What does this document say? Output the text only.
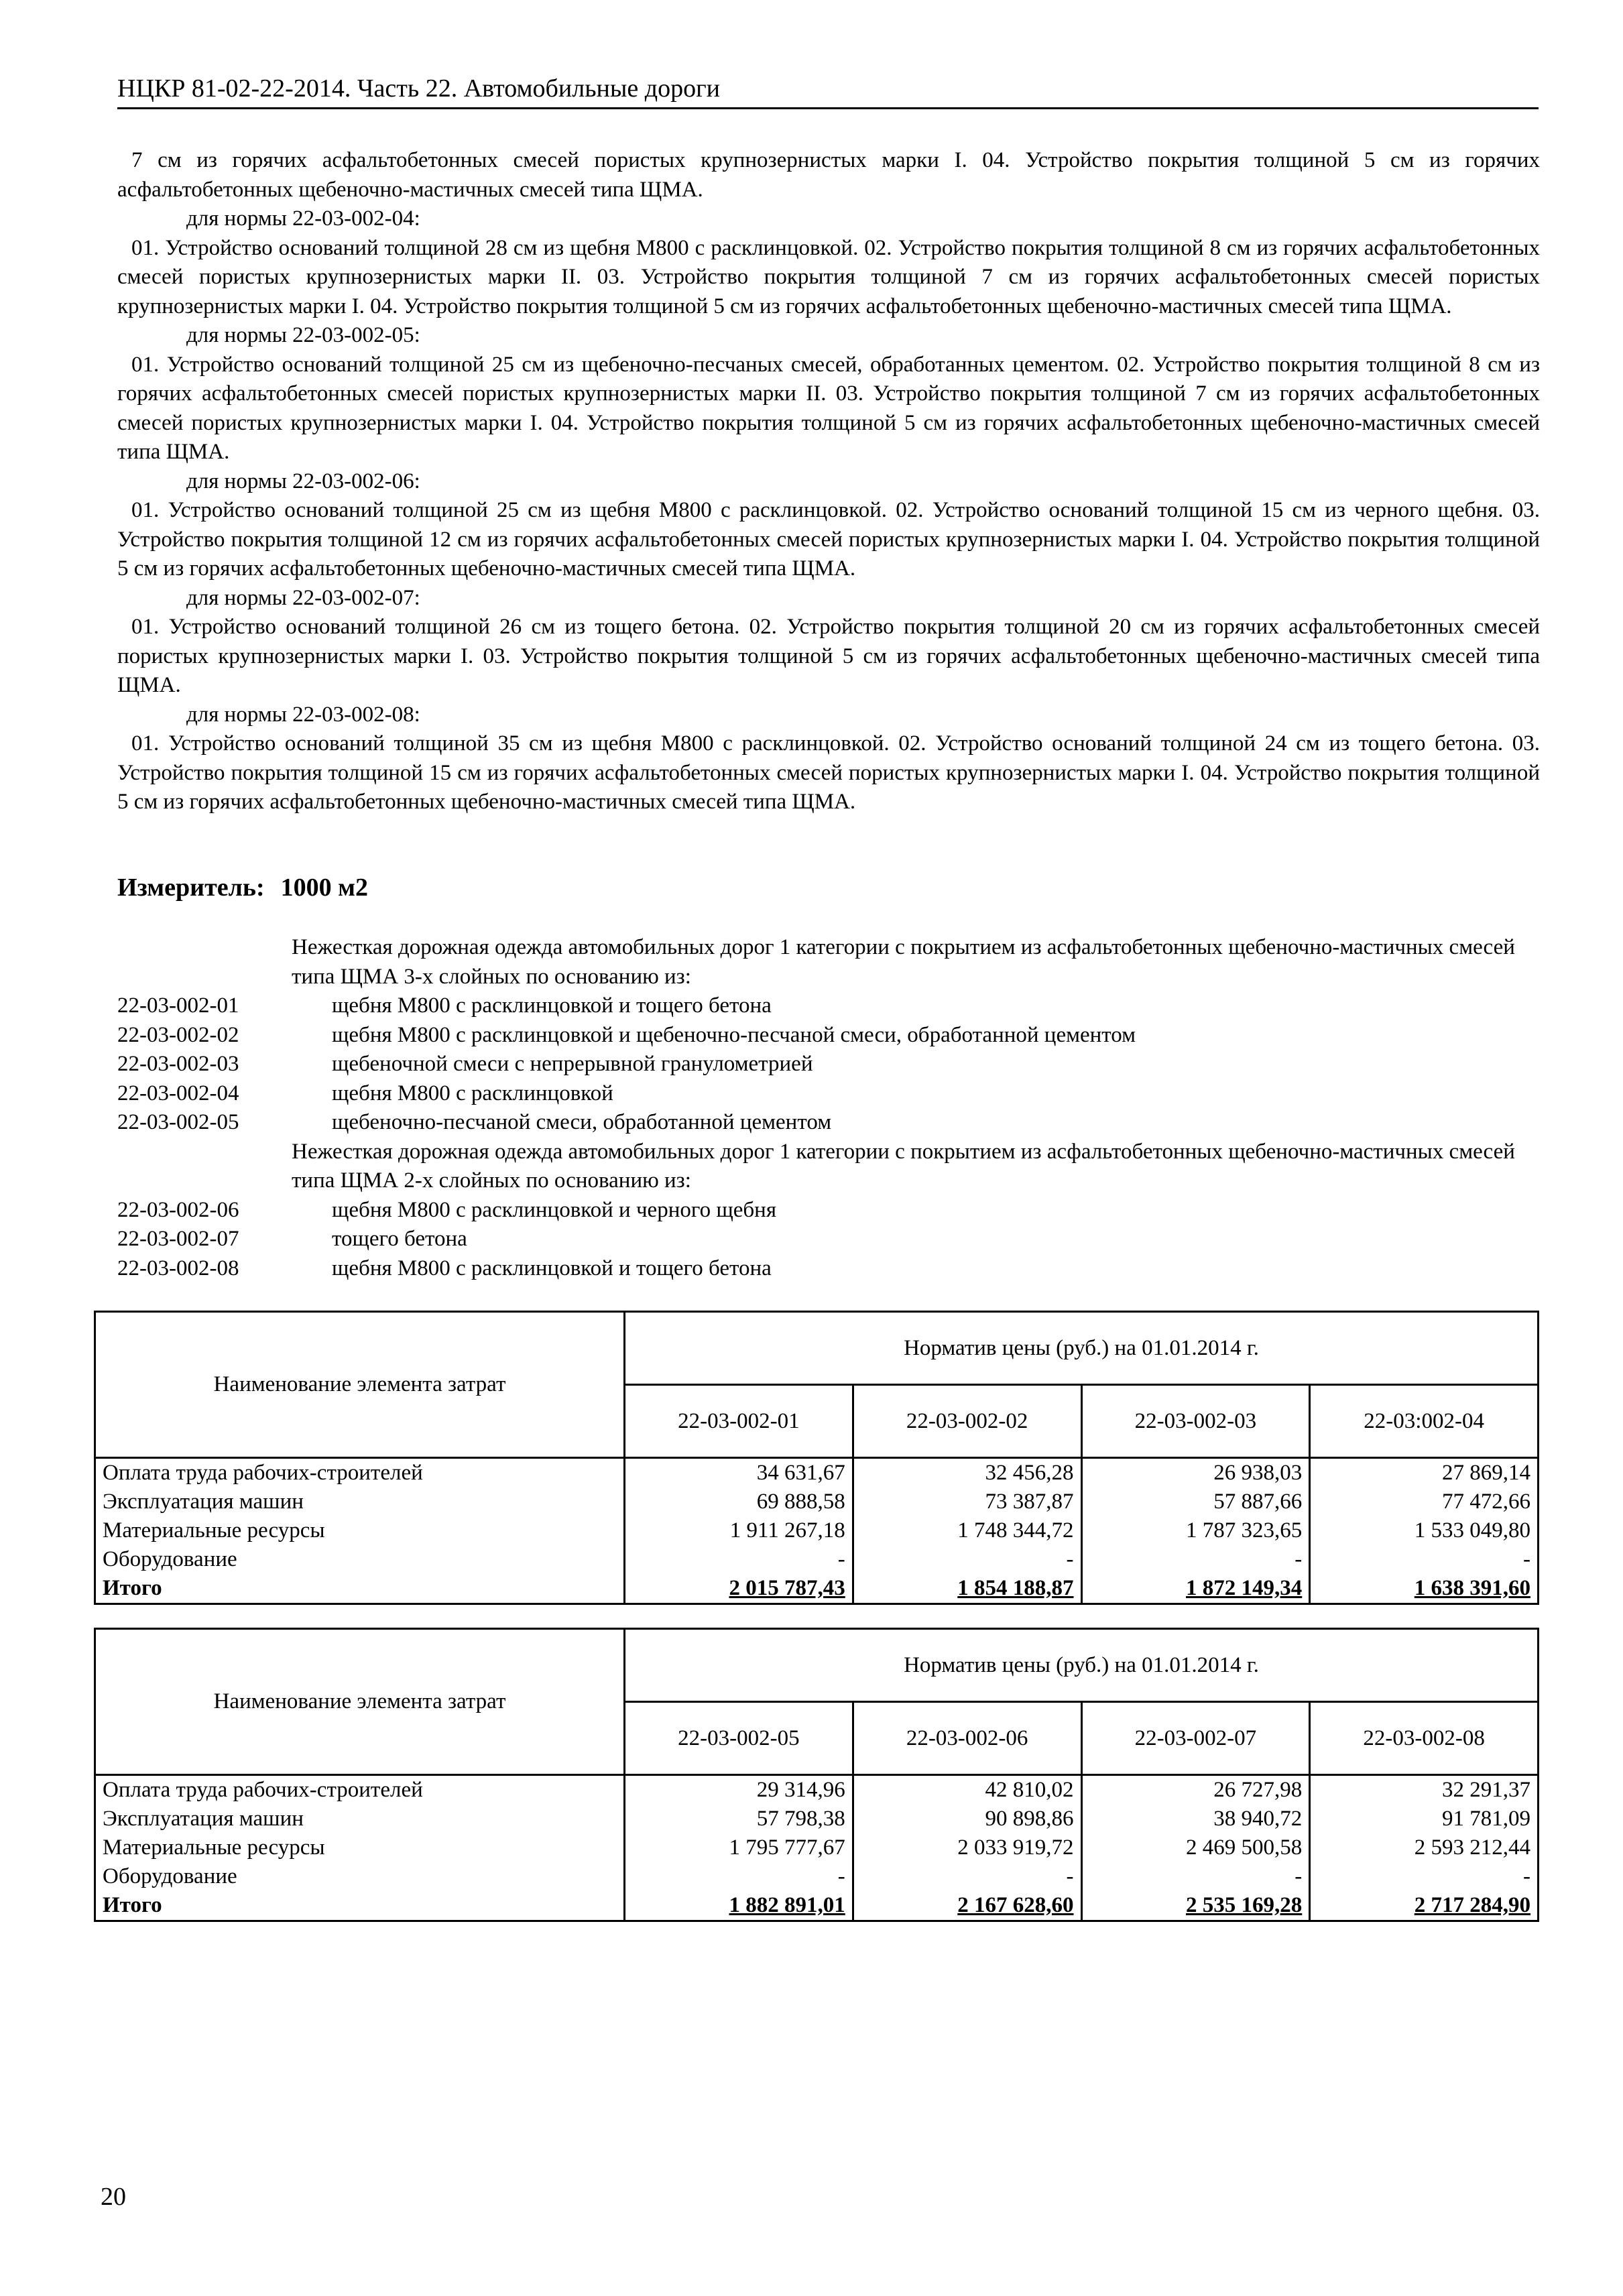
НЦКР 81-02-22-2014. Часть 22. Автомобильные дороги

7 см из горячих асфальтобетонных смесей пористых крупнозернистых марки I. 04. Устройство покрытия толщиной 5 см из горячих асфальтобетонных щебеночно-мастичных смесей типа ЩМА.

для нормы 22-03-002-04:

01. Устройство оснований толщиной 28 см из щебня М800 с расклинцовкой. 02. Устройство покрытия толщиной 8 см из горячих асфальтобетонных смесей пористых крупнозернистых марки II. 03. Устройство покрытия толщиной 7 см из горячих асфальтобетонных смесей пористых крупнозернистых марки I. 04. Устройство покрытия толщиной 5 см из горячих асфальтобетонных щебеночно-мастичных смесей типа ЩМА.

для нормы 22-03-002-05:

01. Устройство оснований толщиной 25 см из щебеночно-песчаных смесей, обработанных цементом. 02. Устройство покрытия толщиной 8 см из горячих асфальтобетонных смесей пористых крупнозернистых марки II. 03. Устройство покрытия толщиной 7 см из горячих асфальтобетонных смесей пористых крупнозернистых марки I. 04. Устройство покрытия толщиной 5 см из горячих асфальтобетонных щебеночно-мастичных смесей типа ЩМА.

для нормы 22-03-002-06:

01. Устройство оснований толщиной 25 см из щебня М800 с расклинцовкой. 02. Устройство оснований толщиной 15 см из черного щебня. 03. Устройство покрытия толщиной 12 см из горячих асфальтобетонных смесей пористых крупнозернистых марки I. 04. Устройство покрытия толщиной 5 см из горячих асфальтобетонных щебеночно-мастичных смесей типа ЩМА.

для нормы 22-03-002-07:

01. Устройство оснований толщиной 26 см из тощего бетона. 02. Устройство покрытия толщиной 20 см из горячих асфальтобетонных смесей пористых крупнозернистых марки I. 03. Устройство покрытия толщиной 5 см из горячих асфальтобетонных щебеночно-мастичных смесей типа ЩМА.

для нормы 22-03-002-08:

01. Устройство оснований толщиной 35 см из щебня М800 с расклинцовкой. 02. Устройство оснований толщиной 24 см из тощего бетона. 03. Устройство покрытия толщиной 15 см из горячих асфальтобетонных смесей пористых крупнозернистых марки I. 04. Устройство покрытия толщиной 5 см из горячих асфальтобетонных щебеночно-мастичных смесей типа ЩМА.

Измеритель: 1000 м2
Нежесткая дорожная одежда автомобильных дорог 1 категории с покрытием из асфальтобетонных щебеночно-мастичных смесей типа ЩМА 3-х слойных по основанию из:
22-03-002-01	щебня М800 с расклинцовкой и тощего бетона
22-03-002-02	щебня М800 с расклинцовкой и щебеночно-песчаной смеси, обработанной цементом
22-03-002-03	щебеночной смеси с непрерывной гранулометрией
22-03-002-04	щебня М800 с расклинцовкой
22-03-002-05	щебеночно-песчаной смеси, обработанной цементом
Нежесткая дорожная одежда автомобильных дорог 1 категории с покрытием из асфальтобетонных щебеночно-мастичных смесей типа ЩМА 2-х слойных по основанию из:
22-03-002-06	щебня М800 с расклинцовкой и черного щебня
22-03-002-07	тощего бетона
22-03-002-08	щебня М800 с расклинцовкой и тощего бетона
Наименование элемента затрат	Норматив цены (руб.) на 01.01.2014 г.			
	22-03-002-01	22-03-002-02	22-03-002-03	22-03:002-04
Оплата труда рабочих-строителей	34 631,67	32 456,28	26 938,03	27 869,14
Эксплуатация машин	69 888,58	73 387,87	57 887,66	77 472,66
Материальные ресурсы	1 911 267,18	1 748 344,72	1 787 323,65	1 533 049,80
Оборудование	-	-	-	-
Итого	2 015 787,43	1 854 188,87	1 872 149,34	1 638 391,60
Наименование элемента затрат	Норматив цены (руб.) на 01.01.2014 г.			
	22-03-002-05	22-03-002-06	22-03-002-07	22-03-002-08
Оплата труда рабочих-строителей	29 314,96	42 810,02	26 727,98	32 291,37
Эксплуатация машин	57 798,38	90 898,86	38 940,72	91 781,09
Материальные ресурсы	1 795 777,67	2 033 919,72	2 469 500,58	2 593 212,44
Оборудование	-	-	-	-
Итого	1 882 891,01	2 167 628,60	2 535 169,28	2 717 284,90
20
